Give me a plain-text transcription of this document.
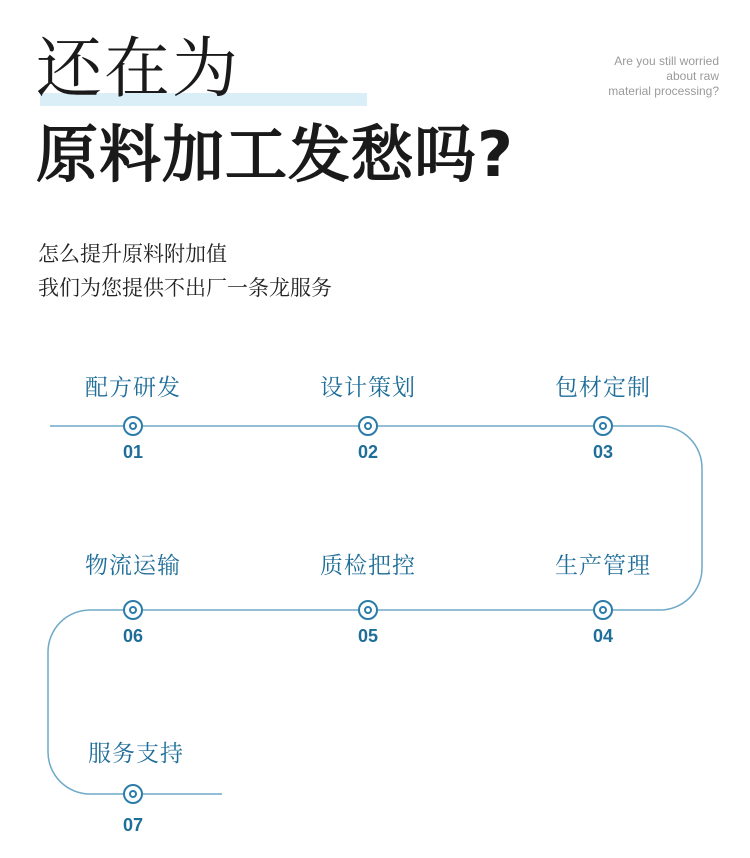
还在为
原料加工发愁吗?
Are you still worried
about raw
material processing?
怎么提升原料附加值
我们为您提供不出厂一条龙服务
配方研发
01
设计策划
02
包材定制
03
生产管理
04
质检把控
05
物流运输
06
服务支持
07
